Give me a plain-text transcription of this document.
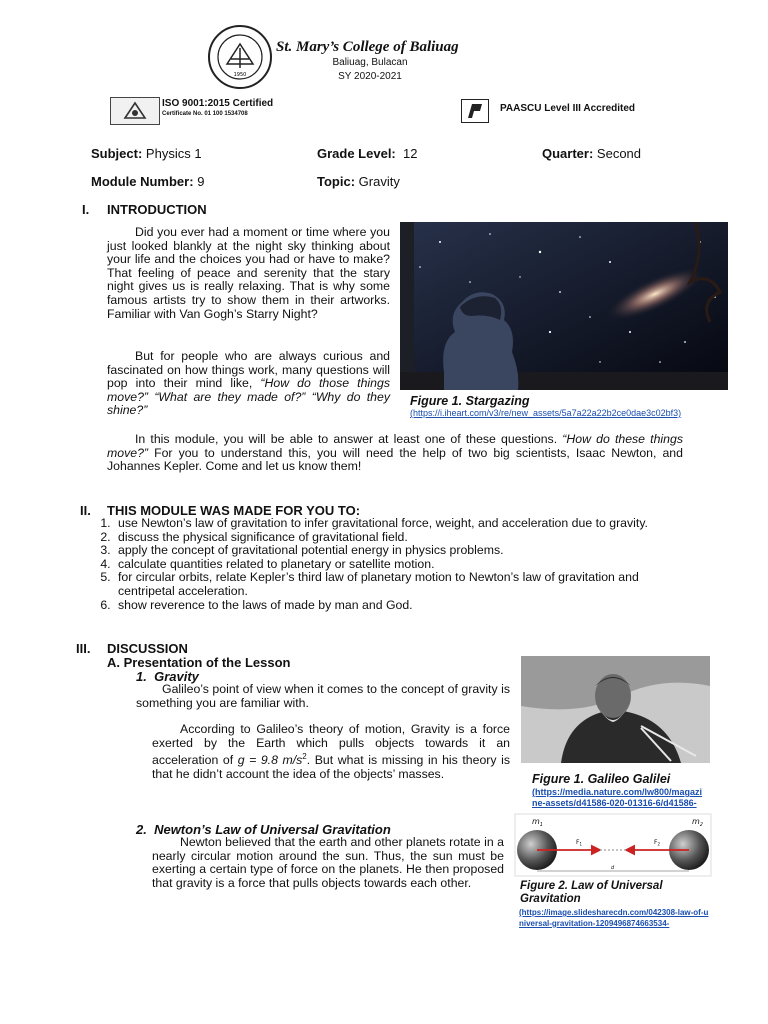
1950
St. Mary’s College of Baliuag
Baliuag, Bulacan
SY 2020-2021
ISO 9001:2015 Certified
Certificate No. 01 100 1534708	PAASCU Level III Accredited
Subject: Physics 1	Grade Level: 12	Quarter: Second
Module Number: 9	Topic: Gravity
I. INTRODUCTION
Did you ever had a moment or time where you just looked blankly at the night sky thinking about your life and the choices you had or have to make? That feeling of peace and serenity that the stary night gives us is really relaxing. That is why some famous artists try to show them in their artworks. Familiar with Van Gogh’s Starry Night?
But for people who are always curious and fascinated on how things work, many questions will pop into their mind like, “How do those things move?” “What are they made of?” “Why do they shine?”
Figure 1. Stargazing
(https://i.iheart.com/v3/re/new_assets/5a7a22a22b2ce0dae3c02bf3)
In this module, you will be able to answer at least one of these questions. “How do these things move?” For you to understand this, you will need the help of two big scientists, Isaac Newton, and Johannes Kepler. Come and let us know them!
II. THIS MODULE WAS MADE FOR YOU TO:
1. use Newton’s law of gravitation to infer gravitational force, weight, and acceleration due to gravity.
2. discuss the physical significance of gravitational field.
3. apply the concept of gravitational potential energy in physics problems.
4. calculate quantities related to planetary or satellite motion.
5. for circular orbits, relate Kepler’s third law of planetary motion to Newton’s law of gravitation and centripetal acceleration.
6. show reverence to the laws of made by man and God.
III. DISCUSSION
A. Presentation of the Lesson
1. Gravity
Galileo’s point of view when it comes to the concept of gravity is something you are familiar with.
According to Galileo’s theory of motion, Gravity is a force exerted by the Earth which pulls objects towards it an acceleration of g = 9.8 $m/s^2$. But what is missing in his theory is that he didn’t account the idea of the objects’ masses.	Figure 1. Galileo Galilei
(https://media.nature.com/lw800/magazine-assets/d41586-020-01316-6/d41586-
2. Newton’s Law of Universal Gravitation
Newton believed that the earth and other planets rotate in a nearly circular motion around the sun. Thus, the sun must be exerting a certain type of force on the planets. He then proposed that gravity is a force that pulls objects towards each other.
$m_1$	$m_2$
$F_1$	$F_2$
d
Figure 2. Law of Universal Gravitation
(https://image.slidesharecdn.com/042308-law-of-universal-gravitation-1209496874663534-
